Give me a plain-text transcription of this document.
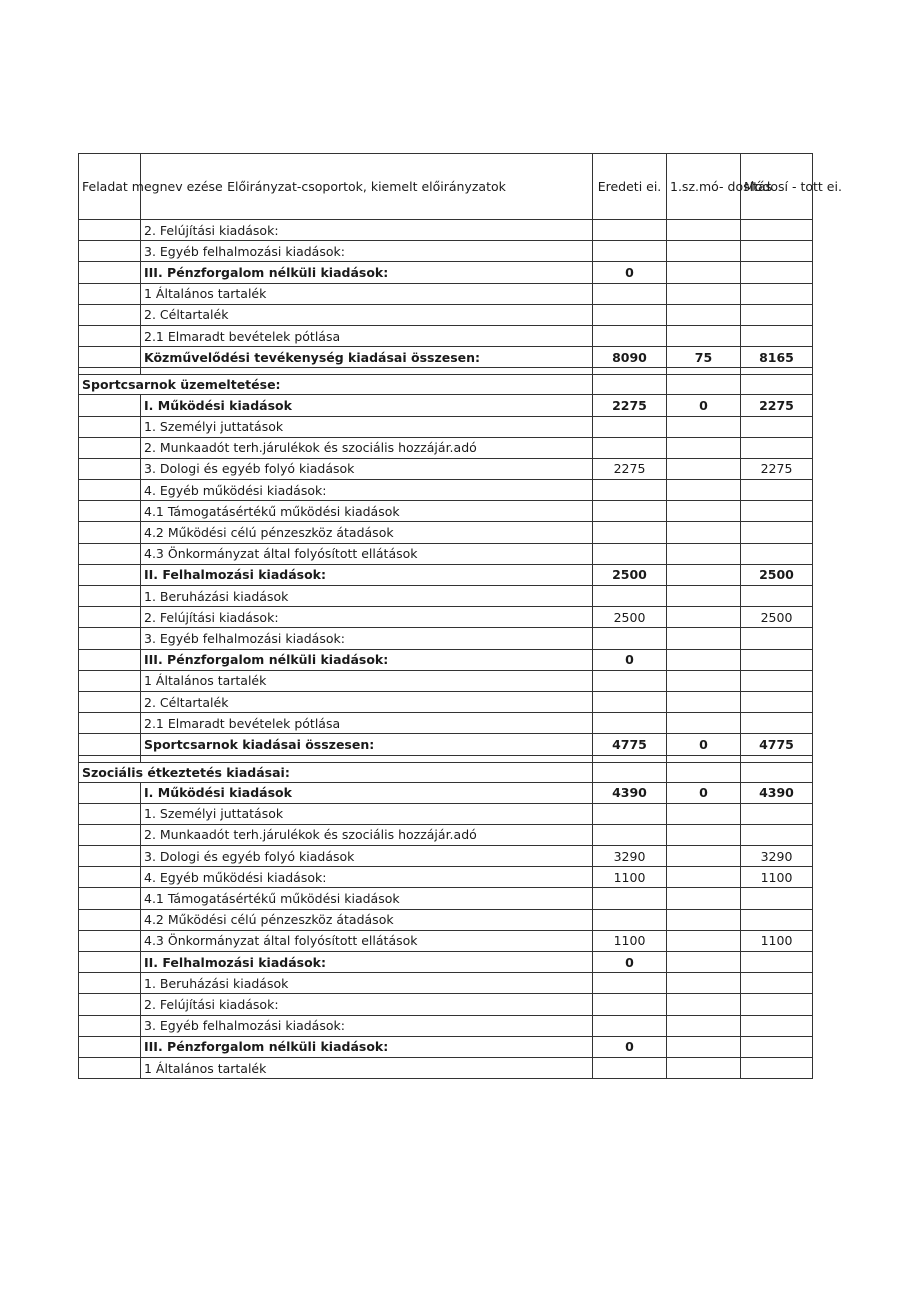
Feladat megnev ezése	Előirányzat-csoportok, kiemelt előirányzatok	Eredeti ei.	1.sz.mó- dosítás	Módosí - tott ei.
	2. Felújítási kiadások:			
	3. Egyéb felhalmozási kiadások:			
	III. Pénzforgalom nélküli kiadások:	0		
	1 Általános tartalék			
	2. Céltartalék			
	2.1 Elmaradt bevételek pótlása			
	Közművelődési tevékenység kiadásai összesen:	8090	75	8165

Sportcsarnok üzemeltetése:				
	I. Működési kiadások	2275	0	2275
	1. Személyi juttatások			
	2. Munkaadót terh.járulékok és szociális hozzájár.adó			
	3. Dologi és egyéb folyó kiadások	2275		2275
	4. Egyéb működési kiadások:			
	4.1 Támogatásértékű működési kiadások			
	4.2 Működési célú pénzeszköz átadások			
	4.3 Önkormányzat által folyósított ellátások			
	II. Felhalmozási kiadások:	2500		2500
	1. Beruházási kiadások			
	2. Felújítási kiadások:	2500		2500
	3. Egyéb felhalmozási kiadások:			
	III. Pénzforgalom nélküli kiadások:	0		
	1 Általános tartalék			
	2. Céltartalék			
	2.1 Elmaradt bevételek pótlása			
	Sportcsarnok kiadásai összesen:	4775	0	4775

Szociális étkeztetés kiadásai:				
	I. Működési kiadások	4390	0	4390
	1. Személyi juttatások			
	2. Munkaadót terh.járulékok és szociális hozzájár.adó			
	3. Dologi és egyéb folyó kiadások	3290		3290
	4. Egyéb működési kiadások:	1100		1100
	4.1 Támogatásértékű működési kiadások			
	4.2 Működési célú pénzeszköz átadások			
	4.3 Önkormányzat által folyósított ellátások	1100		1100
	II. Felhalmozási kiadások:	0		
	1. Beruházási kiadások			
	2. Felújítási kiadások:			
	3. Egyéb felhalmozási kiadások:			
	III. Pénzforgalom nélküli kiadások:	0		
	1 Általános tartalék			
